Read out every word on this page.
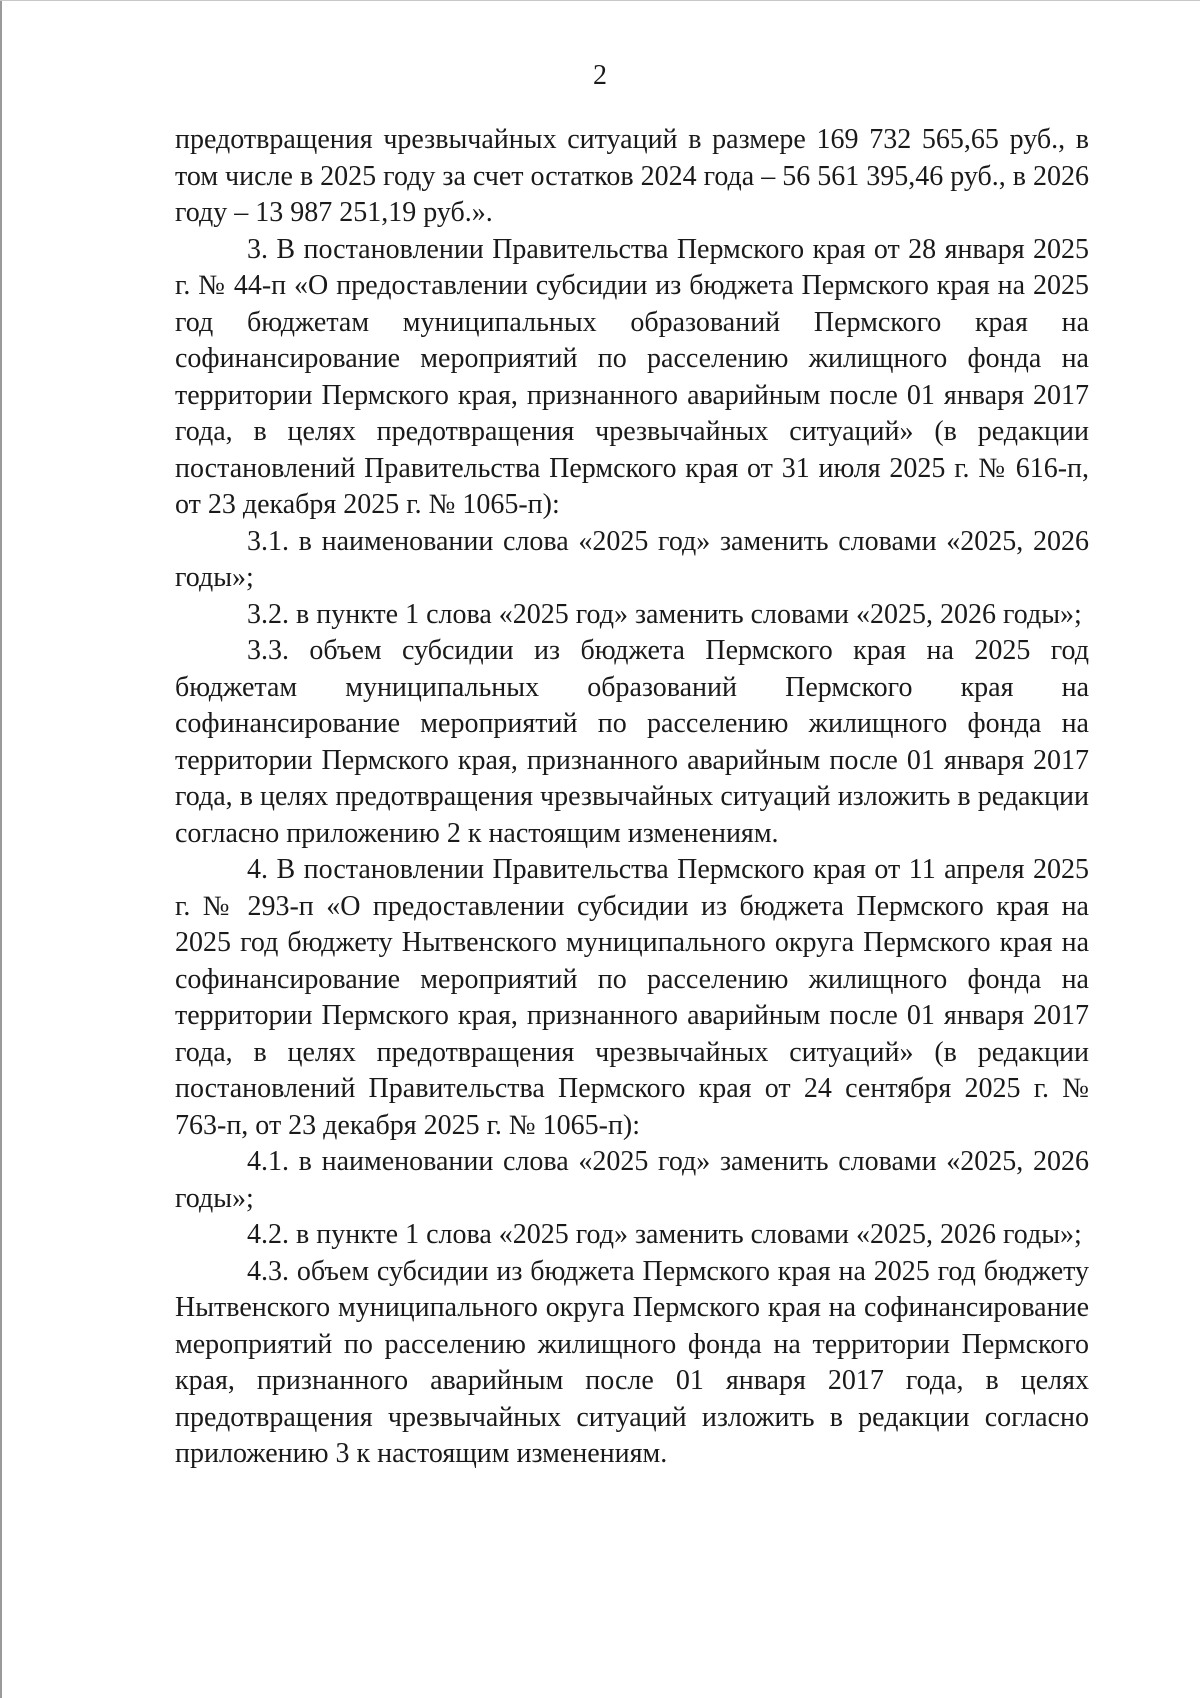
2

предотвращения чрезвычайных ситуаций в размере 169 732 565,65 руб., в том числе в 2025 году за счет остатков 2024 года – 56 561 395,46 руб., в 2026 году – 13 987 251,19 руб.».

3. В постановлении Правительства Пермского края от 28 января 2025 г. № 44-п «О предоставлении субсидии из бюджета Пермского края на 2025 год бюджетам муниципальных образований Пермского края на софинансирование мероприятий по расселению жилищного фонда на территории Пермского края, признанного аварийным после 01 января 2017 года, в целях предотвращения чрезвычайных ситуаций» (в редакции постановлений Правительства Пермского края от 31 июля 2025 г. № 616-п, от 23 декабря 2025 г. № 1065-п):

3.1. в наименовании слова «2025 год» заменить словами «2025, 2026 годы»;

3.2. в пункте 1 слова «2025 год» заменить словами «2025, 2026 годы»;

3.3. объем субсидии из бюджета Пермского края на 2025 год бюджетам муниципальных образований Пермского края на софинансирование мероприятий по расселению жилищного фонда на территории Пермского края, признанного аварийным после 01 января 2017 года, в целях предотвращения чрезвычайных ситуаций изложить в редакции согласно приложению 2 к настоящим изменениям.

4. В постановлении Правительства Пермского края от 11 апреля 2025 г. № 293-п «О предоставлении субсидии из бюджета Пермского края на 2025 год бюджету Нытвенского муниципального округа Пермского края на софинансирование мероприятий по расселению жилищного фонда на территории Пермского края, признанного аварийным после 01 января 2017 года, в целях предотвращения чрезвычайных ситуаций» (в редакции постановлений Правительства Пермского края от 24 сентября 2025 г. № 763-п, от 23 декабря 2025 г. № 1065-п):

4.1. в наименовании слова «2025 год» заменить словами «2025, 2026 годы»;

4.2. в пункте 1 слова «2025 год» заменить словами «2025, 2026 годы»;

4.3. объем субсидии из бюджета Пермского края на 2025 год бюджету Нытвенского муниципального округа Пермского края на софинансирование мероприятий по расселению жилищного фонда на территории Пермского края, признанного аварийным после 01 января 2017 года, в целях предотвращения чрезвычайных ситуаций изложить в редакции согласно приложению 3 к настоящим изменениям.
